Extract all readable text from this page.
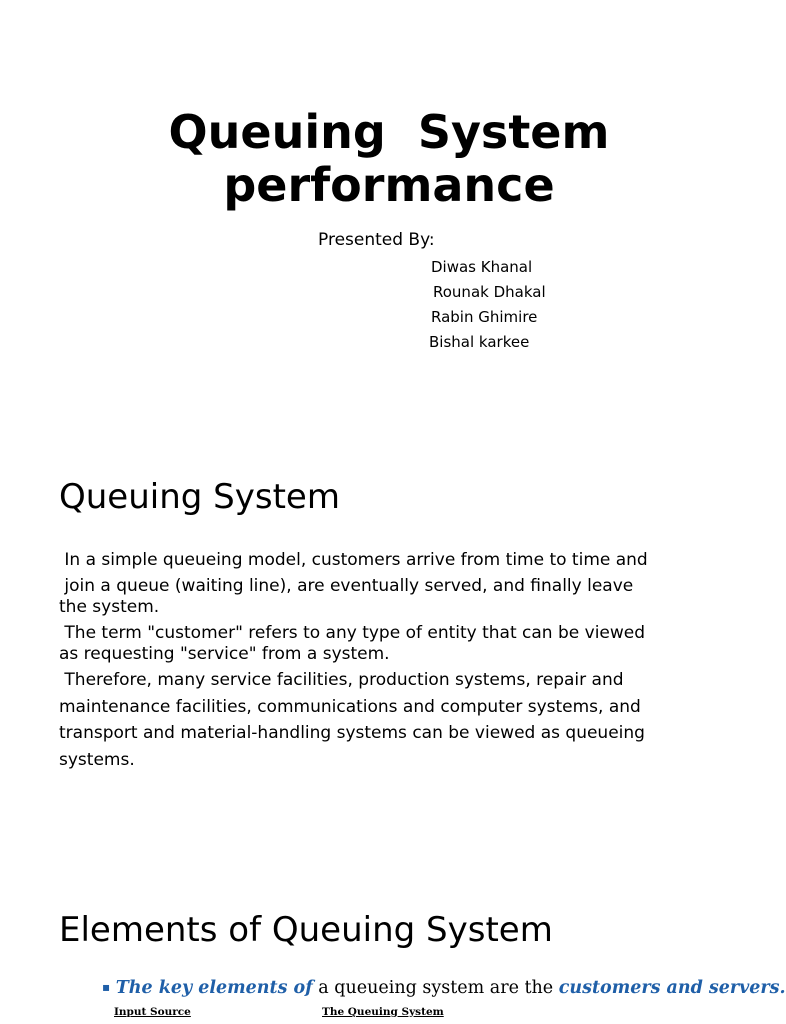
Queuing  System
performance
Presented By:
Diwas Khanal
Rounak Dhakal
Rabin Ghimire
Bishal karkee
Queuing System
In a simple queueing model, customers arrive from time to time and
join a queue (waiting line), are eventually served, and finally leave
the system.
The term "customer" refers to any type of entity that can be viewed
as requesting "service" from a system.
Therefore, many service facilities, production systems, repair and
maintenance facilities, communications and computer systems, and
transport and material-handling systems can be viewed as queueing
systems.
Elements of Queuing System
▪ The key elements of a queueing system are the customers and servers.
Input Source	The Queuing System
